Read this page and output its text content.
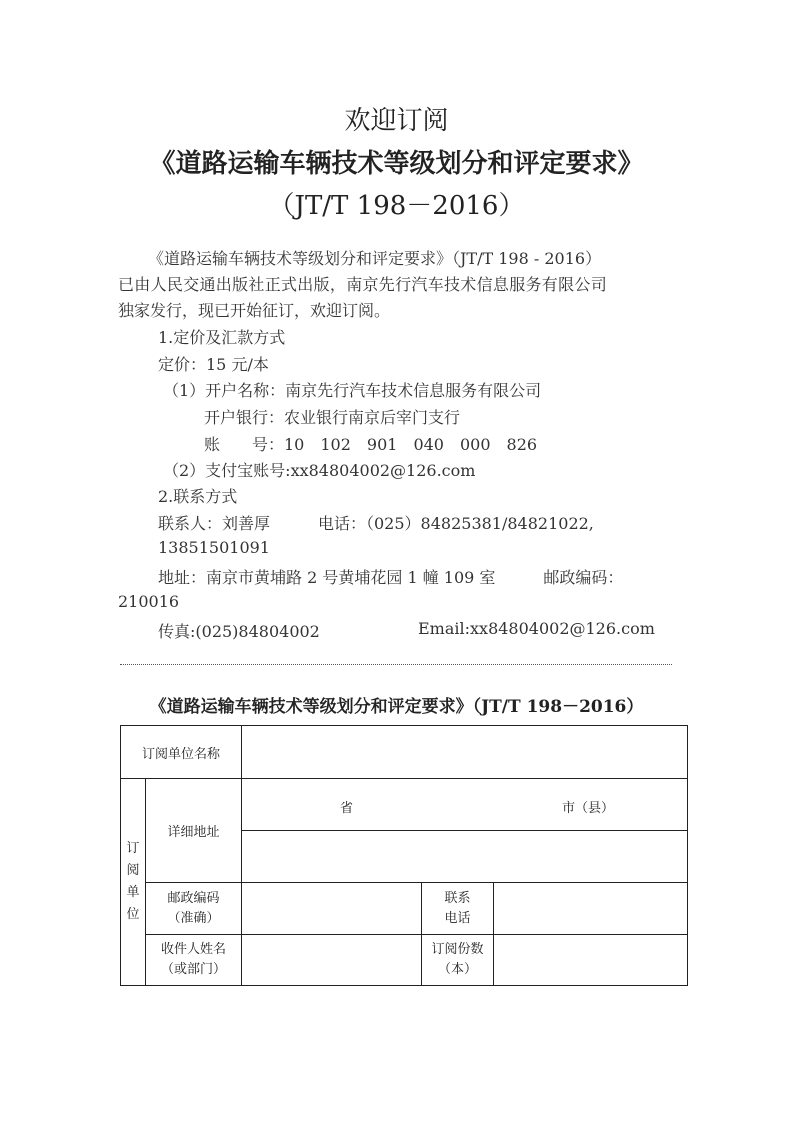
欢迎订阅
《道路运输车辆技术等级划分和评定要求》
（JT/T 198－2016）
《道路运输车辆技术等级划分和评定要求》（JT/T 198 - 2016）
已由人民交通出版社正式出版，南京先行汽车技术信息服务有限公司
独家发行，现已开始征订，欢迎订阅。
1.定价及汇款方式
定价：15 元/本
（1）开户名称：南京先行汽车技术信息服务有限公司
开户银行：农业银行南京后宰门支行
账　　号：10　102　901　040　000　826
（2）支付宝账号:xx84804002@126.com
2.联系方式
联系人：刘善厚　　　电话：（025）84825381/84821022,
13851501091
地址：南京市黄埔路 2 号黄埔花园 1 幢 109 室　　　邮政编码：
210016
传真:(025)84804002	Email:xx84804002@126.com
《道路运输车辆技术等级划分和评定要求》（JT/T 198－2016）
订阅单位名称				
订阅单位	详细地址	省 市（县）		

	邮政编码（准确）		联系电话	
	收件人姓名（或部门）		订阅份数（本）	
